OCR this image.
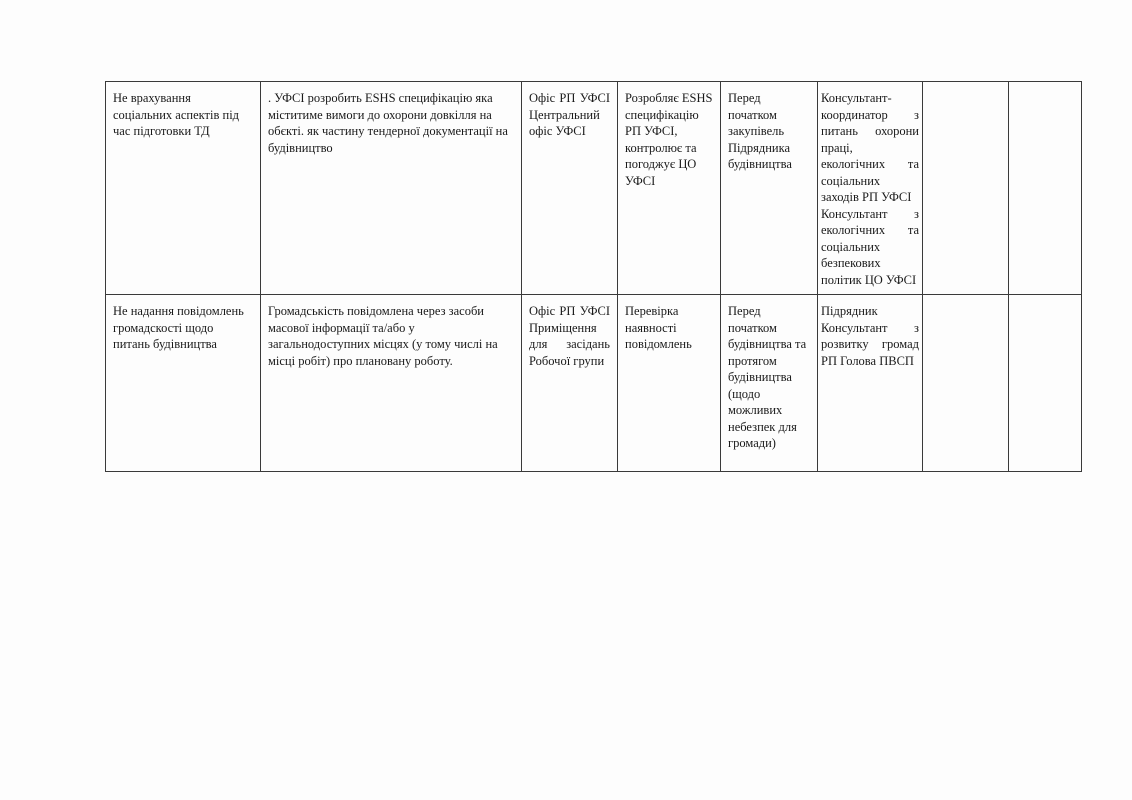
Не врахування соціальних аспектів під час підготовки ТД	. УФСІ розробить ESHS специфікацію яка міститиме вимоги до охорони довкілля на обєкті. як частину тендерної документації на будівництво	Офіс РП УФСІ Центральний офіс УФСІ	Розробляє ESHS специфікацію РП УФСІ, контролює та погоджує ЦО УФСІ	Перед початком закупівель Підрядника будівництва	Консультант-координатор з питань охорони праці, екологічних та соціальних заходів РП УФСІ
Консультант з екологічних та соціальних безпекових політик ЦО УФСІ		

Не надання повідомлень громадскості щодо питань будівництва	Громадськість повідомлена через засоби масової інформації та/або у загальнодоступних місцях (у тому числі на місці робіт) про плановану роботу.	Офіс РП УФСІ Приміщення для засідань Робочої групи	Перевірка наявності повідомлень	Перед початком будівництва та протягом будівництва (щодо можливих небезпек для громади)	Підрядник Консультант з розвитку громад РП Голова ПВСП		
